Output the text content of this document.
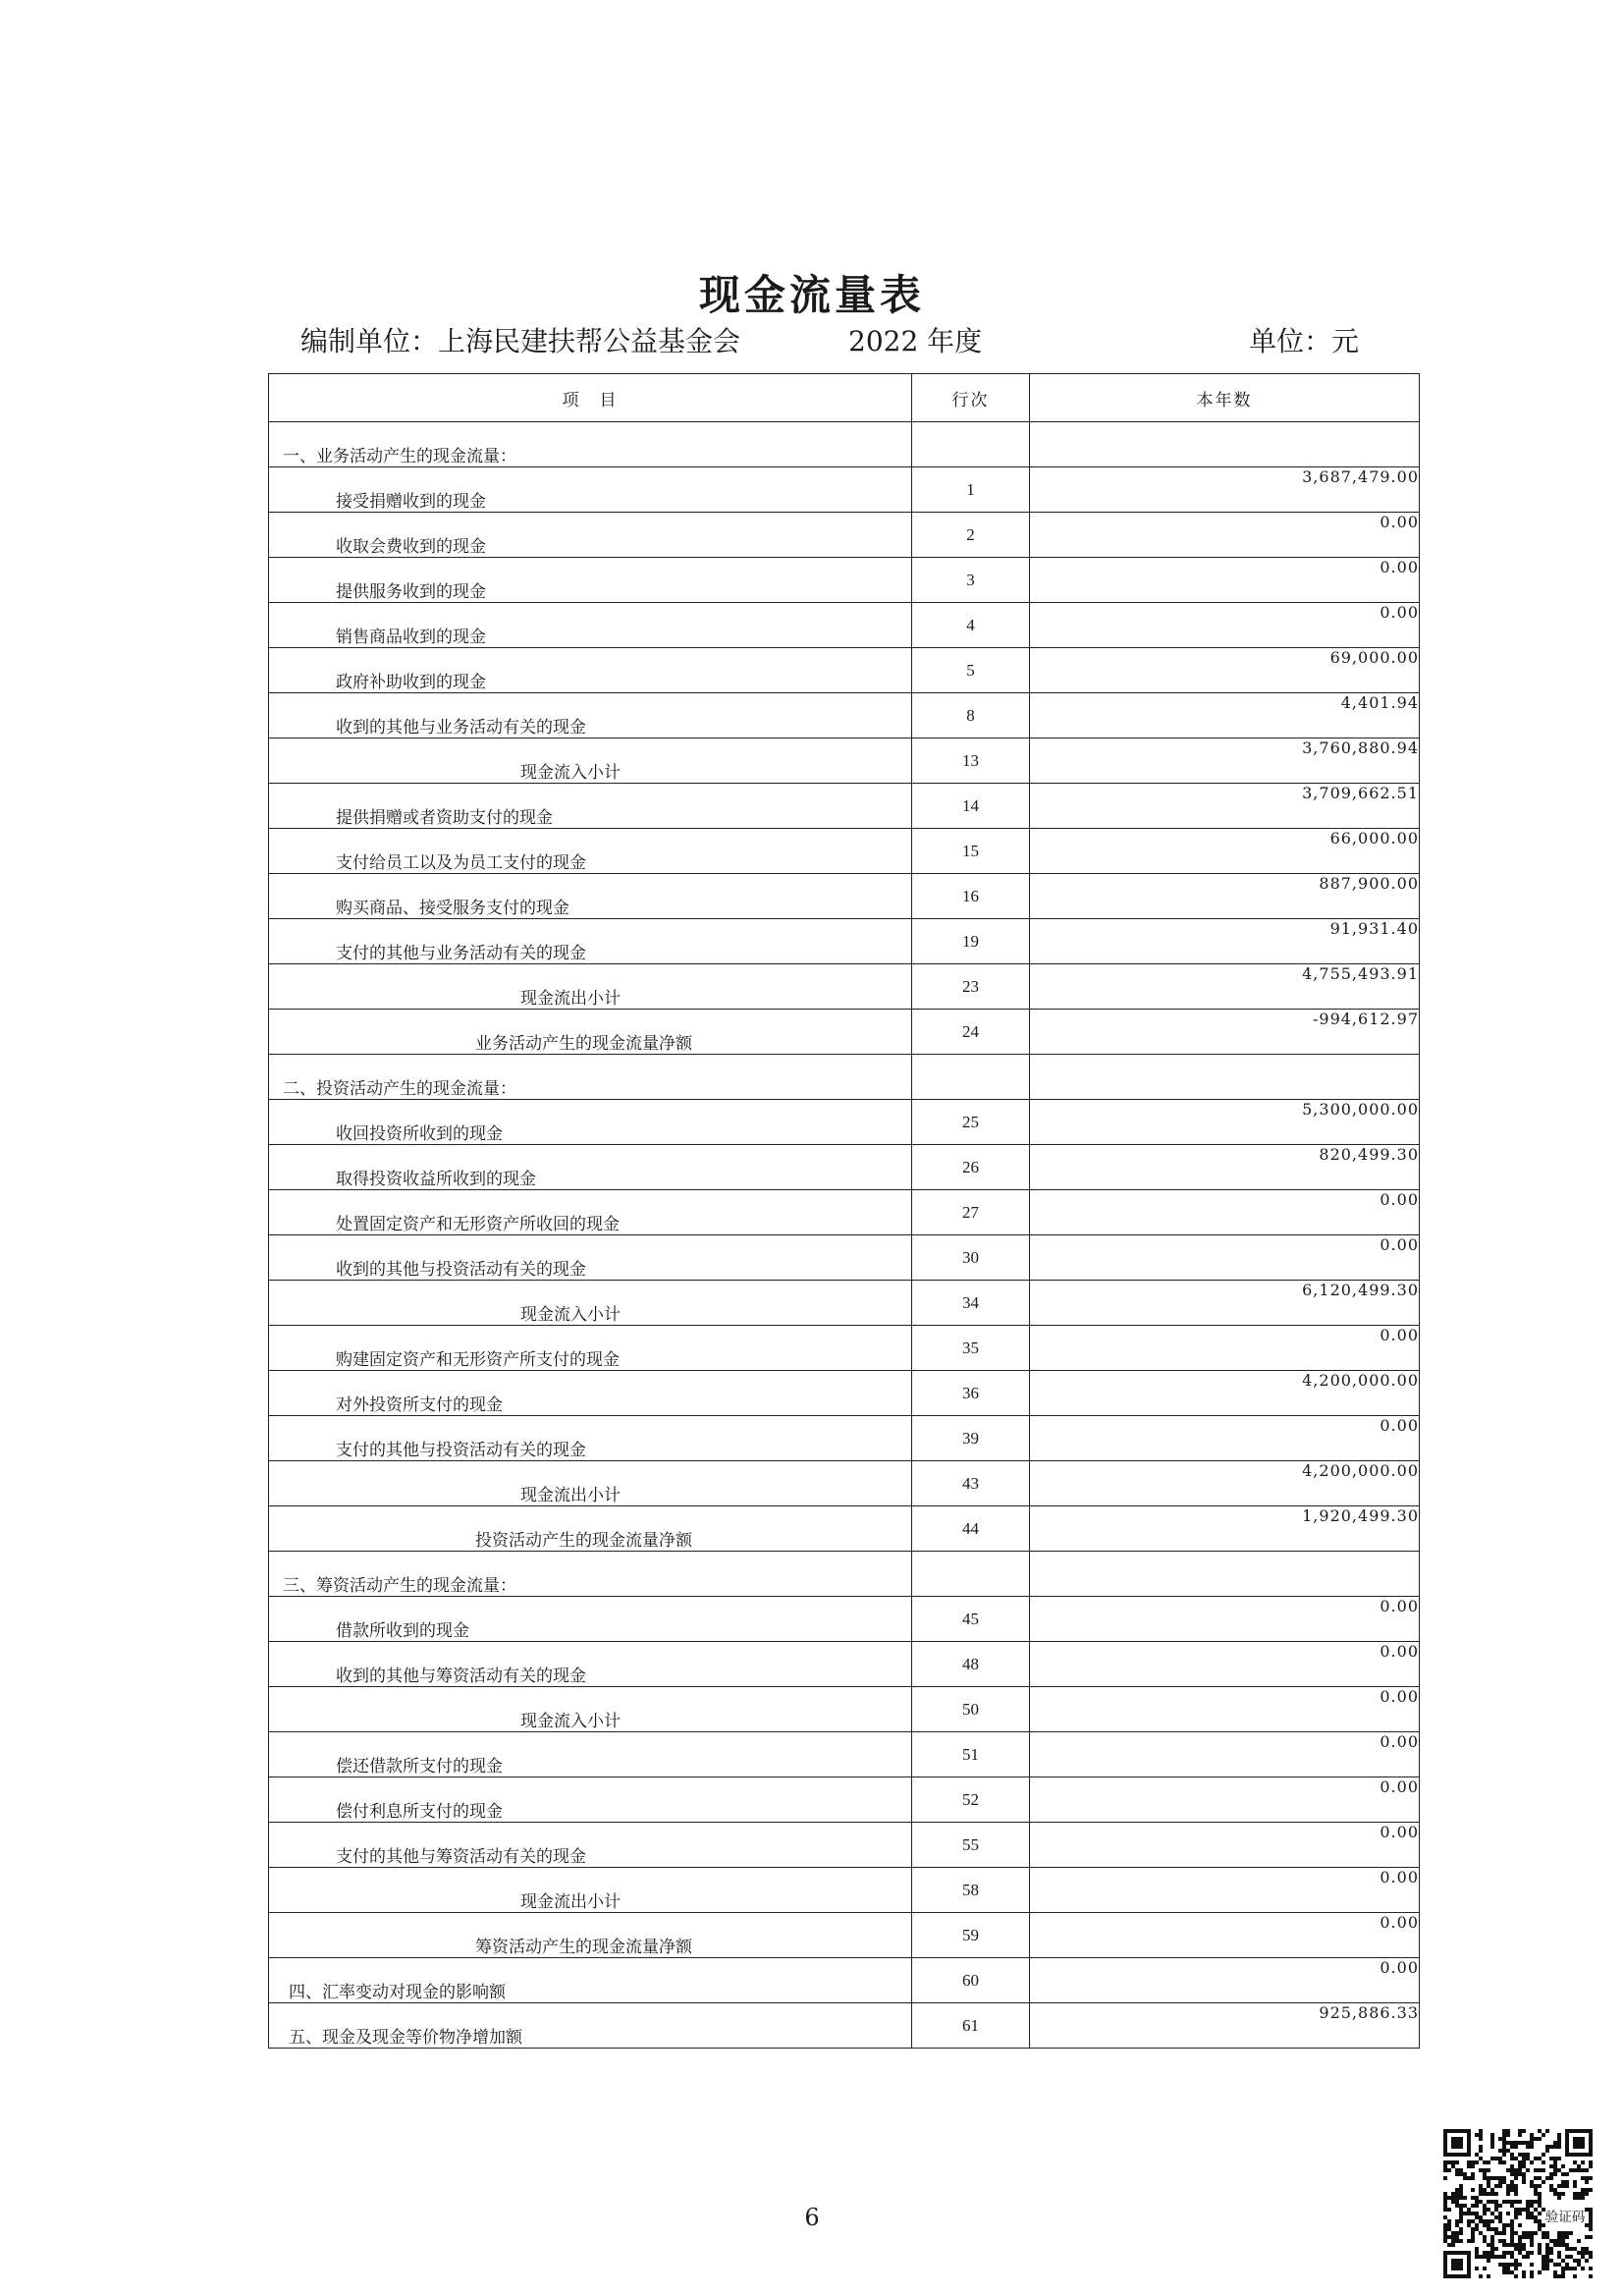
现金流量表
编制单位：上海民建扶帮公益基金会	2022 年度	单位：元
项　目	行次	本年数
一、业务活动产生的现金流量：		
接受捐赠收到的现金	1	3,687,479.00
收取会费收到的现金	2	0.00
提供服务收到的现金	3	0.00
销售商品收到的现金	4	0.00
政府补助收到的现金	5	69,000.00
收到的其他与业务活动有关的现金	8	4,401.94
现金流入小计	13	3,760,880.94
提供捐赠或者资助支付的现金	14	3,709,662.51
支付给员工以及为员工支付的现金	15	66,000.00
购买商品、接受服务支付的现金	16	887,900.00
支付的其他与业务活动有关的现金	19	91,931.40
现金流出小计	23	4,755,493.91
业务活动产生的现金流量净额	24	-994,612.97
二、投资活动产生的现金流量：		
收回投资所收到的现金	25	5,300,000.00
取得投资收益所收到的现金	26	820,499.30
处置固定资产和无形资产所收回的现金	27	0.00
收到的其他与投资活动有关的现金	30	0.00
现金流入小计	34	6,120,499.30
购建固定资产和无形资产所支付的现金	35	0.00
对外投资所支付的现金	36	4,200,000.00
支付的其他与投资活动有关的现金	39	0.00
现金流出小计	43	4,200,000.00
投资活动产生的现金流量净额	44	1,920,499.30
三、筹资活动产生的现金流量：		
借款所收到的现金	45	0.00
收到的其他与筹资活动有关的现金	48	0.00
现金流入小计	50	0.00
偿还借款所支付的现金	51	0.00
偿付利息所支付的现金	52	0.00
支付的其他与筹资活动有关的现金	55	0.00
现金流出小计	58	0.00
筹资活动产生的现金流量净额	59	0.00
四、汇率变动对现金的影响额	60	0.00
五、现金及现金等价物净增加额	61	925,886.33
6	验证码
